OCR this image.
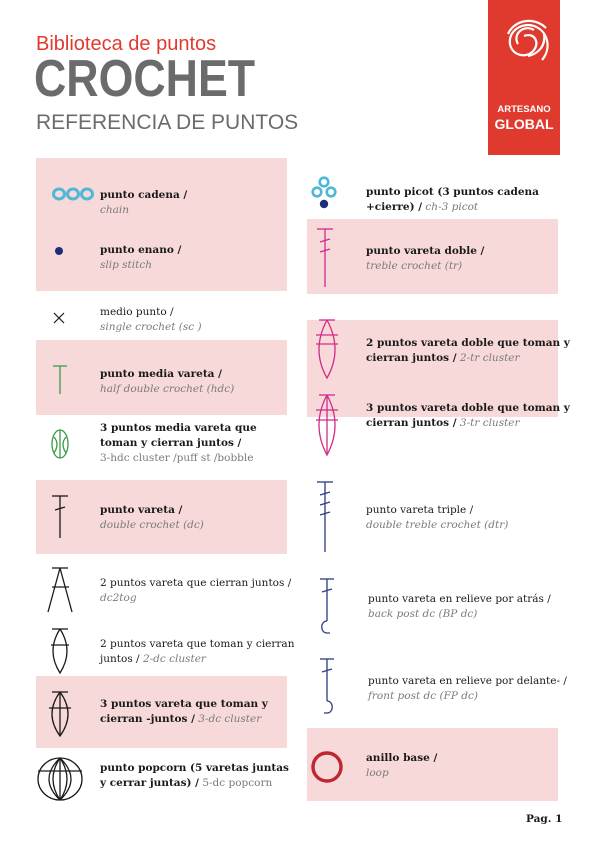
Biblioteca de puntos
CROCHET
REFERENCIA DE PUNTOS
ARTESANO
GLOBAL
punto cadena /
chain
punto enano /
slip stitch
medio punto /
single crochet (sc )
punto media vareta /
half double crochet (hdc)
3 puntos media vareta que
toman y cierran juntos /
3-hdc cluster /puff st /bobble
punto vareta /
double crochet (dc)
2 puntos vareta que cierran juntos /
dc2tog
2 puntos vareta que toman y cierran
juntos / 2-dc cluster
3 puntos vareta que toman y
cierran -juntos / 3-dc cluster
punto popcorn (5 varetas juntas
y cerrar juntas) / 5-dc popcorn
punto picot (3 puntos cadena
+cierre) / ch-3 picot
punto vareta doble /
treble crochet (tr)
2 puntos vareta doble que toman y
cierran juntos / 2-tr cluster
3 puntos vareta doble que toman y
cierran juntos / 3-tr cluster
punto vareta triple /
double treble crochet (dtr)
punto vareta en relieve por atrás /
back post dc (BP dc)
punto vareta en relieve por delante- /
front post dc (FP dc)
anillo base /
loop
Pag. 1
